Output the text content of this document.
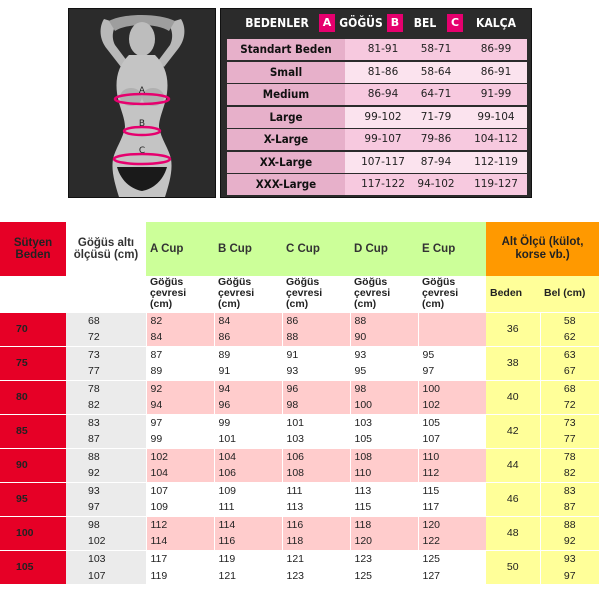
A
B
C
BEDENLER	A GÖĞÜS B	BEL	C	KALÇA
Standart Beden	81-91	58-71	86-99
Small	81-86	58-64	86-91
Medium	86-94	64-71	91-99
Large	99-102	71-79	99-104
X-Large	99-107	79-86	104-112
XX-Large	107-117	87-94	112-119
XXX-Large	117-122	94-102	119-127
Sütyen Beden	Göğüs altı ölçüsü (cm)	A Cup	B Cup	C Cup	D Cup	E Cup	Alt Ölçü (külot, korse vb.)	
		Göğüs çevresi (cm)	Göğüs çevresi (cm)	Göğüs çevresi (cm)	Göğüs çevresi (cm)	Göğüs çevresi (cm)	Beden	Bel (cm)
70	68	82	84	86	88		36	58
	72	84	86	88	90			62
75	73	87	89	91	93	95	38	63
	77	89	91	93	95	97		67
80	78	92	94	96	98	100	40	68
	82	94	96	98	100	102		72
85	83	97	99	101	103	105	42	73
	87	99	101	103	105	107		77
90	88	102	104	106	108	110	44	78
	92	104	106	108	110	112		82
95	93	107	109	111	113	115	46	83
	97	109	111	113	115	117		87
100	98	112	114	116	118	120	48	88
	102	114	116	118	120	122		92
105	103	117	119	121	123	125	50	93
	107	119	121	123	125	127		97
